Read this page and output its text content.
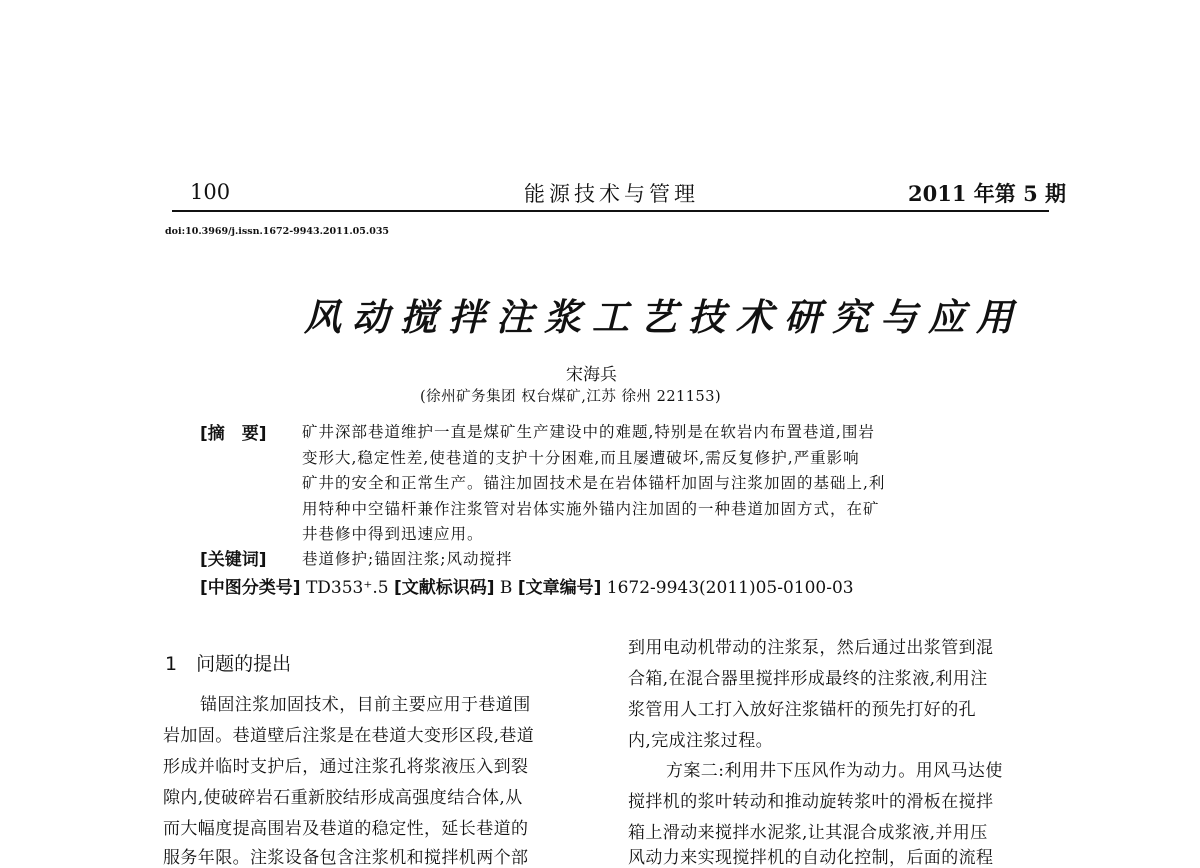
100	能源技术与管理	2011 年第 5 期
doi:10.3969/j.issn.1672-9943.2011.05.035
风动搅拌注浆工艺技术研究与应用
宋海兵
(徐州矿务集团 权台煤矿,江苏 徐州 221153)
[摘　要] 矿井深部巷道维护一直是煤矿生产建设中的难题,特别是在软岩内布置巷道,围岩
变形大,稳定性差,使巷道的支护十分困难,而且屡遭破坏,需反复修护,严重影响
矿井的安全和正常生产。锚注加固技术是在岩体锚杆加固与注浆加固的基础上,利
用特种中空锚杆兼作注浆管对岩体实施外锚内注加固的一种巷道加固方式，在矿
井巷修中得到迅速应用。
[关键词] 巷道修护;锚固注浆;风动搅拌
[中图分类号] TD353⁺.5 [文献标识码] B [文章编号] 1672-9943(2011)05-0100-03
1　问题的提出
锚固注浆加固技术，目前主要应用于巷道围
岩加固。巷道壁后注浆是在巷道大变形区段,巷道
形成并临时支护后，通过注浆孔将浆液压入到裂
隙内,使破碎岩石重新胶结形成高强度结合体,从
而大幅度提高围岩及巷道的稳定性，延长巷道的
服务年限。注浆设备包含注浆机和搅拌机两个部
到用电动机带动的注浆泵，然后通过出浆管到混
合箱,在混合器里搅拌形成最终的注浆液,利用注
浆管用人工打入放好注浆锚杆的预先打好的孔
内,完成注浆过程。
方案二:利用井下压风作为动力。用风马达使
搅拌机的浆叶转动和推动旋转浆叶的滑板在搅拌
箱上滑动来搅拌水泥浆,让其混合成浆液,并用压
风动力来实现搅拌机的自动化控制，后面的流程
